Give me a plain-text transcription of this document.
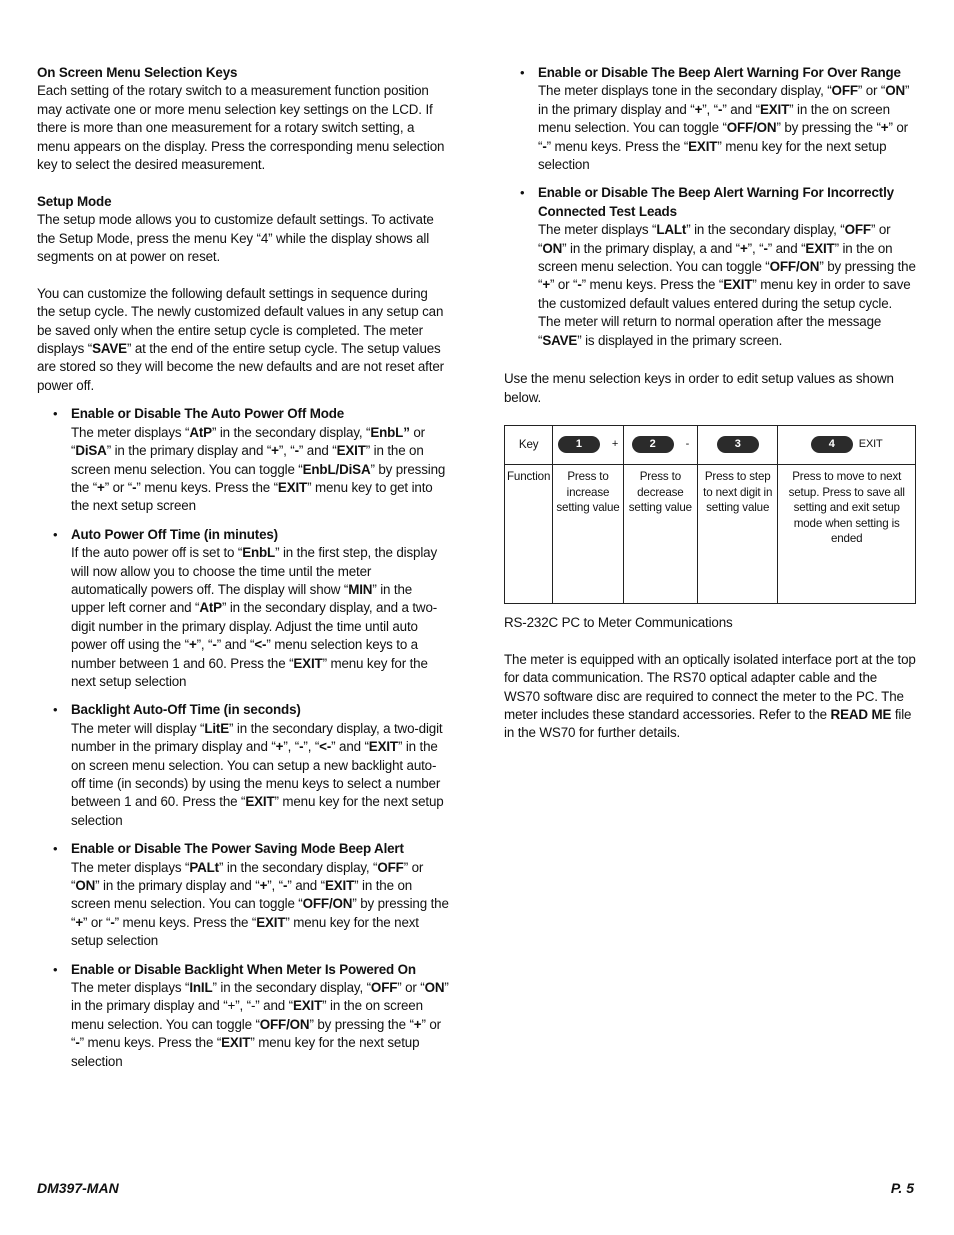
On Screen Menu Selection Keys

Each setting of the rotary switch to a measurement function position may activate one or more menu selection key settings on the LCD. If there is more than one measurement for a rotary switch setting, a menu appears on the display. Press the corresponding menu selection key to select the desired measurement.

Setup Mode

The setup mode allows you to customize default settings. To activate the Setup Mode, press the menu Key “4” while the display shows all segments on at power on reset.

You can customize the following default settings in sequence during the setup cycle. The newly customized default values in any setup can be saved only when the entire setup cycle is completed. The meter displays “SAVE” at the end of the entire setup cycle. The setup values are stored so they will become the new defaults and are not reset after power off.

• Enable or Disable The Auto Power Off Mode
The meter displays “AtP” in the secondary display, “EnbL” or “DiSA” in the primary display and “+”, “-” and “EXIT” in the on screen menu selection. You can toggle “EnbL/DiSA” by pressing the “+” or “-” menu keys. Press the “EXIT” menu key to get into the next setup screen
• Auto Power Off Time (in minutes)
If the auto power off is set to “EnbL” in the first step, the display will now allow you to choose the time until the meter automatically powers off. The display will show “MIN” in the upper left corner and “AtP” in the secondary display, and a two-digit number in the primary display. Adjust the time until auto power off using the “+”, “-” and “<-” menu selection keys to a number between 1 and 60. Press the “EXIT” menu key for the next setup selection
• Backlight Auto-Off Time (in seconds)
The meter will display “LitE” in the secondary display, a two-digit number in the primary display and “+”, “-”, “<-” and “EXIT” in the on screen menu selection. You can setup a new backlight auto-off time (in seconds) by using the menu keys to select a number between 1 and 60. Press the “EXIT” menu key for the next setup selection
• Enable or Disable The Power Saving Mode Beep Alert
The meter displays “PALt” in the secondary display, “OFF” or “ON” in the primary display and “+”, “-” and “EXIT” in the on screen menu selection. You can toggle “OFF/ON” by pressing the “+” or “-” menu keys. Press the “EXIT” menu key for the next setup selection
• Enable or Disable Backlight When Meter Is Powered On
The meter displays “InIL” in the secondary display, “OFF” or “ON” in the primary display and “+”, “-” and “EXIT” in the on screen menu selection. You can toggle “OFF/ON” by pressing the “+” or “-” menu keys. Press the “EXIT” menu key for the next setup selection
• Enable or Disable The Beep Alert Warning For Over Range
The meter displays tone in the secondary display, “OFF” or “ON” in the primary display and “+”, “-” and “EXIT” in the on screen menu selection. You can toggle “OFF/ON” by pressing the “+” or “-” menu keys. Press the “EXIT” menu key for the next setup selection
• Enable or Disable The Beep Alert Warning For Incorrectly Connected Test Leads
The meter displays “LALt” in the secondary display, “OFF” or “ON” in the primary display, a and “+”, “-” and “EXIT” in the on screen menu selection. You can toggle “OFF/ON” by pressing the “+” or “-” menu keys. Press the “EXIT” menu key in order to save the customized default values entered during the setup cycle. The meter will return to normal operation after the message “SAVE” is displayed in the primary screen.

Use the menu selection keys in order to edit setup values as shown below.

Key	1 +	2 -	3	4 EXIT
Function	Press to increase setting value	Press to decrease setting value	Press to step to next digit in setting value	Press to move to next setup. Press to save all setting and exit setup mode when setting is ended

RS-232C PC to Meter Communications

The meter is equipped with an optically isolated interface port at the top for data communication. The RS70 optical adapter cable and the WS70 software disc are required to connect the meter to the PC. The meter includes these standard accessories. Refer to the READ ME file in the WS70 for further details.

DM397-MAN	P. 5
